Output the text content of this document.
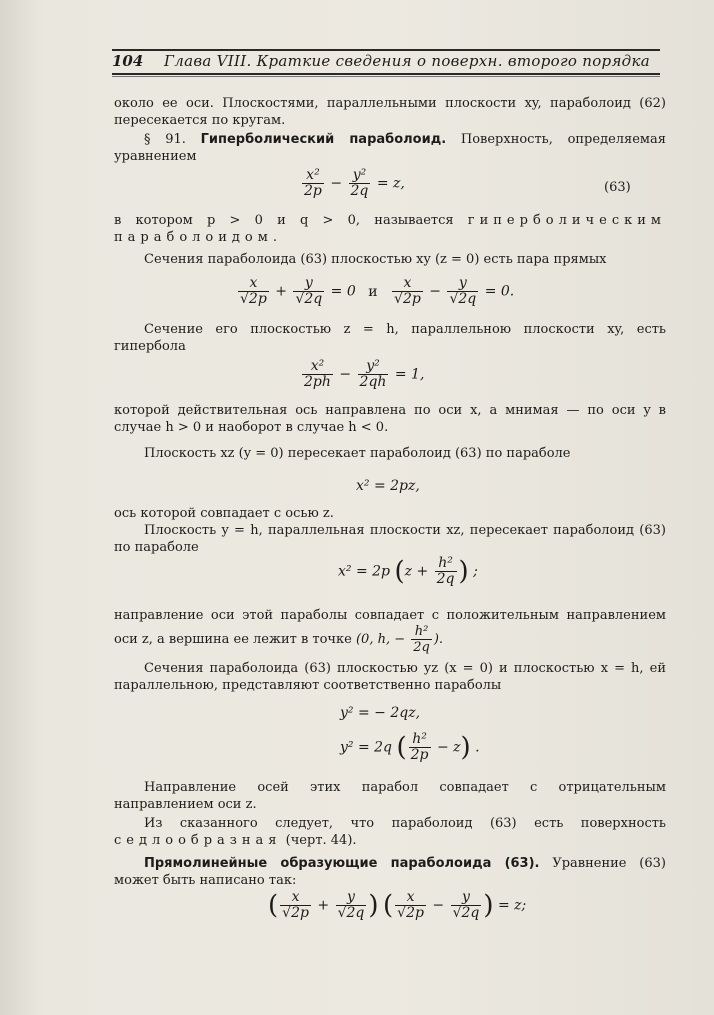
104 Глава VIII. Краткие сведения о поверхн. второго порядка
около ее оси. Плоскостями, параллельными плоскости xy, параболоид (62) пересекается по кругам.
§ 91. Гиперболический параболоид. Поверхность, определяемая уравнением
$\frac{\text{x²}}{2p} - \frac{\text{y²}}{2q} = z$,	(63)
в котором p > 0 и q > 0, называется гиперболическим параболоидом.
Сечения параболоида (63) плоскостью xy (z = 0) есть пара прямых
$\frac{x}{√2p} + \frac{y}{√2q} = 0$ и $\frac{x}{√2p} - \frac{y}{√2q} = 0$.
Сечение его плоскостью z = h, параллельною плоскости xy, есть гипербола
$\frac{\text{x²}}{2ph} - \frac{\text{y²}}{2qh} = 1$,
которой действительная ось направлена по оси x, а мнимая — по оси y в случае h > 0 и наоборот в случае h < 0.
Плоскость xz (y = 0) пересекает параболоид (63) по параболе
x² = 2pz,
ось которой совпадает с осью z.
Плоскость y = h, параллельная плоскости xz, пересекает параболоид (63) по параболе
x² = 2p ($z + \frac{\text{h²}}{2q}$ ) ;
направление оси этой параболы совпадает с положительным направлением оси z, а вершина ее лежит в точке (0, h, − $\frac{\text{h²}}{2q}$ ).
Сечения параболоида (63) плоскостью yz (x = 0) и плоскостью x = h, ей параллельною, представляют соответственно параболы
y² = − 2qz,
y² = 2q ( $\frac{\text{h²}}{2p} - z$) .
Направление осей этих парабол совпадает с отрицательным направлением оси z.
Из сказанного следует, что параболоид (63) есть поверхность седлообразная (черт. 44).
Прямолинейные образующие параболоида (63). Уравнение (63) может быть написано так:
( $\frac{x}{√2p} + \frac{y}{√2q}$ ) ( $\frac{x}{√2p} - \frac{y}{√2q}$ ) = z;
